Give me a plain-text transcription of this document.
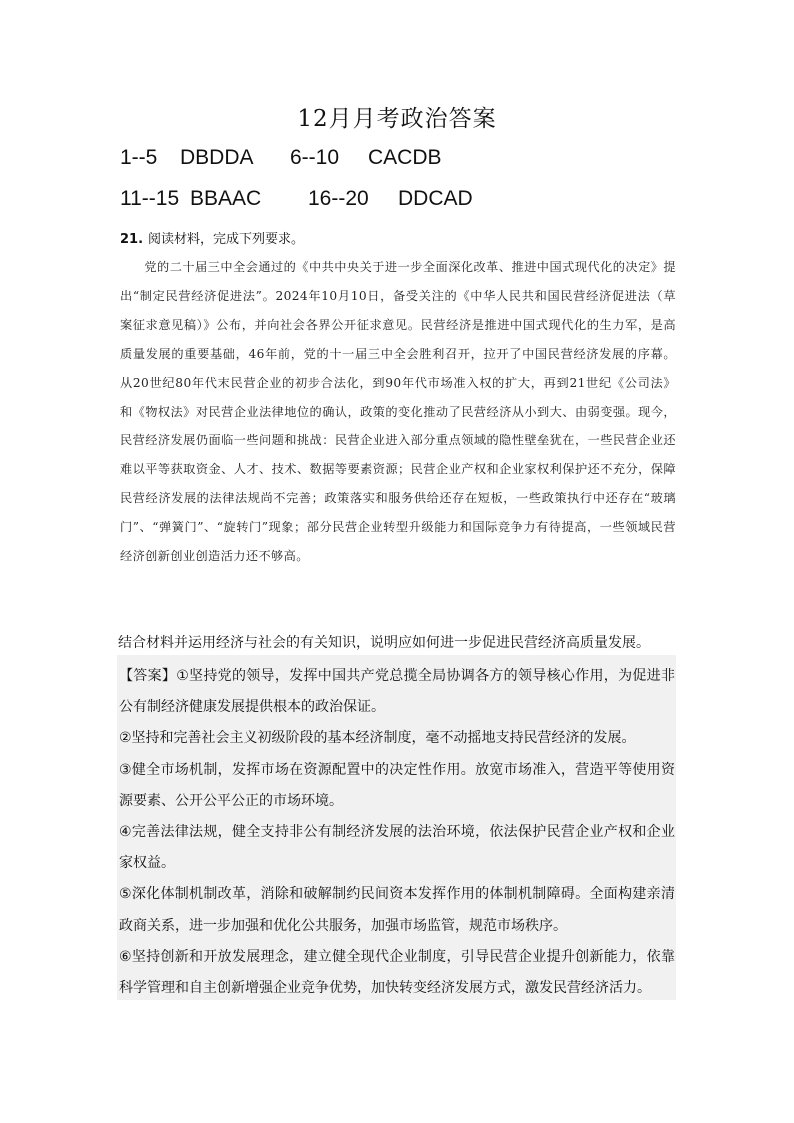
12月月考政治答案
1--5 DBDDA 6--10 CACDB
11--15 BBAAC 16--20 DDCAD
21. 阅读材料，完成下列要求。
党的二十届三中全会通过的《中共中央关于进一步全面深化改革、推进中国式现代化的决定》提出“制定民营经济促进法”。2024年10月10日，备受关注的《中华人民共和国民营经济促进法（草案征求意见稿）》公布，并向社会各界公开征求意见。民营经济是推进中国式现代化的生力军，是高质量发展的重要基础，46年前，党的十一届三中全会胜利召开，拉开了中国民营经济发展的序幕。从20世纪80年代末民营企业的初步合法化，到90年代市场准入权的扩大，再到21世纪《公司法》和《物权法》对民营企业法律地位的确认，政策的变化推动了民营经济从小到大、由弱变强。现今，民营经济发展仍面临一些问题和挑战：民营企业进入部分重点领域的隐性壁垒犹在，一些民营企业还难以平等获取资金、人才、技术、数据等要素资源；民营企业产权和企业家权利保护还不充分，保障民营经济发展的法律法规尚不完善；政策落实和服务供给还存在短板，一些政策执行中还存在“玻璃门”、“弹簧门”、“旋转门”现象；部分民营企业转型升级能力和国际竞争力有待提高，一些领域民营经济创新创业创造活力还不够高。
结合材料并运用经济与社会的有关知识，说明应如何进一步促进民营经济高质量发展。

【答案】①坚持党的领导，发挥中国共产党总揽全局协调各方的领导核心作用，为促进非公有制经济健康发展提供根本的政治保证。

②坚持和完善社会主义初级阶段的基本经济制度，毫不动摇地支持民营经济的发展。

③健全市场机制，发挥市场在资源配置中的决定性作用。放宽市场准入，营造平等使用资源要素、公开公平公正的市场环境。

④完善法律法规，健全支持非公有制经济发展的法治环境，依法保护民营企业产权和企业家权益。

⑤深化体制机制改革，消除和破解制约民间资本发挥作用的体制机制障碍。全面构建亲清政商关系，进一步加强和优化公共服务，加强市场监管，规范市场秩序。

⑥坚持创新和开放发展理念，建立健全现代企业制度，引导民营企业提升创新能力，依靠科学管理和自主创新增强企业竞争优势，加快转变经济发展方式，激发民营经济活力。
